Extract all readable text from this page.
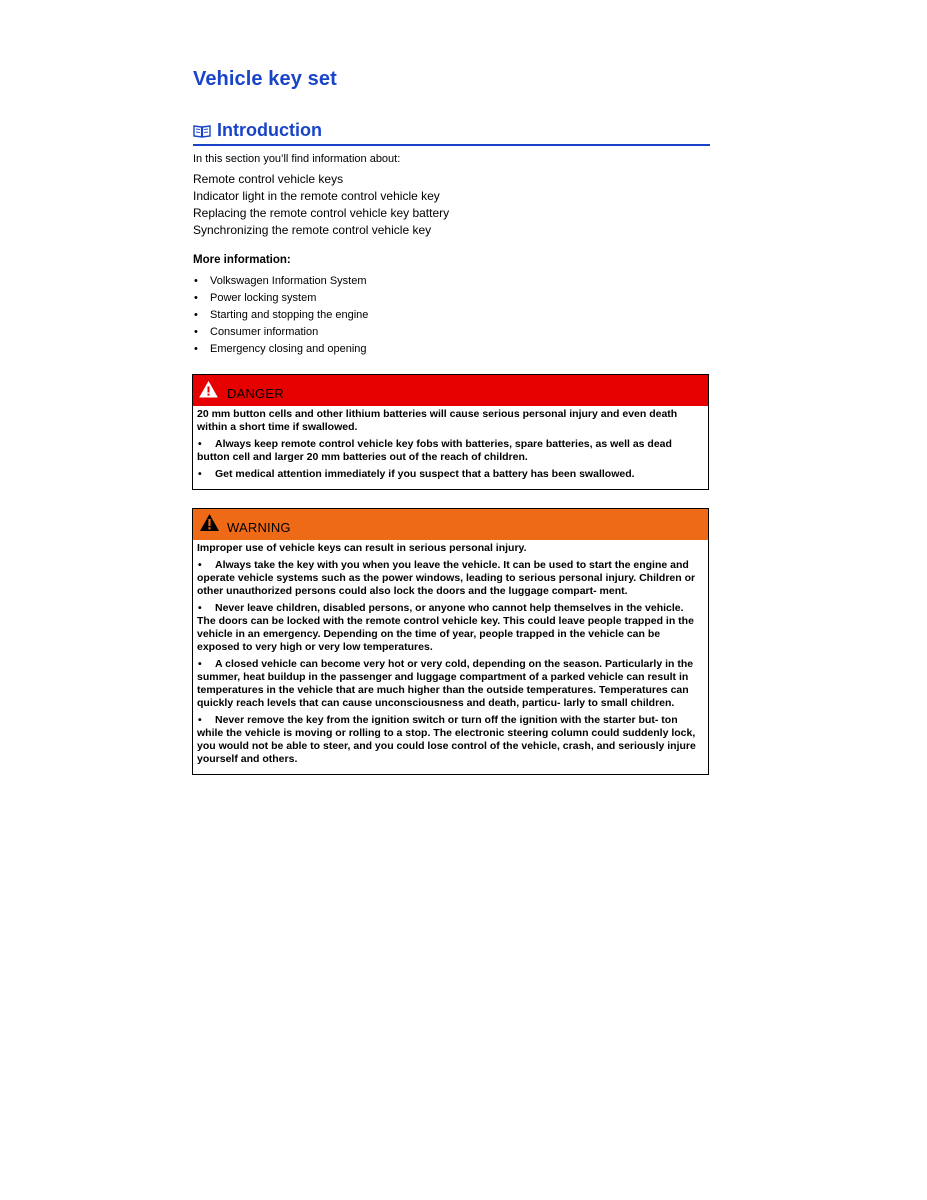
Vehicle key set
Introduction
In this section you’ll find information about:
Remote control vehicle keys
Indicator light in the remote control vehicle key
Replacing the remote control vehicle key battery
Synchronizing the remote control vehicle key
More information:
• Volkswagen Information System
• Power locking system
• Starting and stopping the engine
• Consumer information
• Emergency closing and opening
DANGER

20 mm button cells and other lithium batteries will cause serious personal injury and even death within a short time if swallowed.

• Always keep remote control vehicle key fobs with batteries, spare batteries, as well as dead button cell and larger 20 mm batteries out of the reach of children.

• Get medical attention immediately if you suspect that a battery has been swallowed.

WARNING

Improper use of vehicle keys can result in serious personal injury.

• Always take the key with you when you leave the vehicle. It can be used to start the engine and operate vehicle systems such as the power windows, leading to serious personal injury. Children or other unauthorized persons could also lock the doors and the luggage compart- ment.

• Never leave children, disabled persons, or anyone who cannot help themselves in the vehicle. The doors can be locked with the remote control vehicle key. This could leave people trapped in the vehicle in an emergency. Depending on the time of year, people trapped in the vehicle can be exposed to very high or very low temperatures.

• A closed vehicle can become very hot or very cold, depending on the season. Particularly in the summer, heat buildup in the passenger and luggage compartment of a parked vehicle can result in temperatures in the vehicle that are much higher than the outside temperatures. Temperatures can quickly reach levels that can cause unconsciousness and death, particu- larly to small children.

• Never remove the key from the ignition switch or turn off the ignition with the starter but- ton while the vehicle is moving or rolling to a stop. The electronic steering column could suddenly lock, you would not be able to steer, and you could lose control of the vehicle, crash, and seriously injure yourself and others.
